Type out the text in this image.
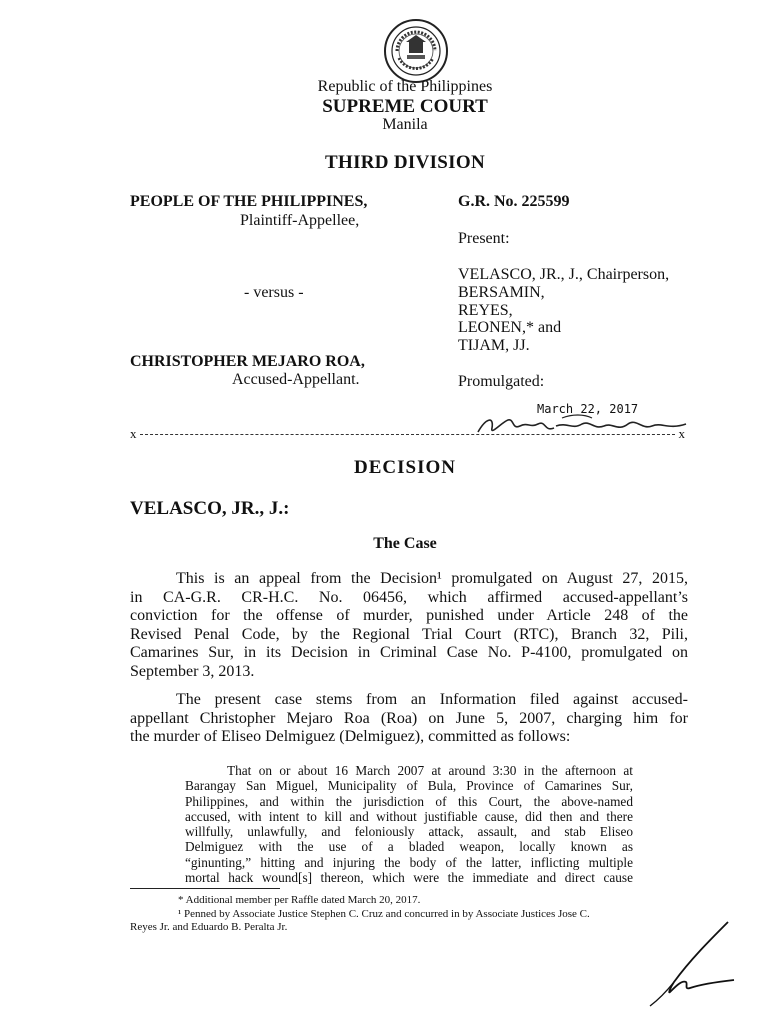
Republic of the Philippines
SUPREME COURT
Manila
THIRD DIVISION
PEOPLE OF THE PHILIPPINES,
Plaintiff-Appellee,
- versus -
CHRISTOPHER MEJARO ROA,
Accused-Appellant.
G.R. No. 225599
Present:
VELASCO, JR., J., Chairperson,
BERSAMIN,
REYES,
LEONEN,* and
TIJAM, JJ.
Promulgated:
March 22, 2017
x	x
DECISION
VELASCO, JR., J.:
The Case
This is an appeal from the Decision¹ promulgated on August 27, 2015,
in CA-G.R. CR-H.C. No. 06456, which affirmed accused-appellant’s
conviction for the offense of murder, punished under Article 248 of the
Revised Penal Code, by the Regional Trial Court (RTC), Branch 32, Pili,
Camarines Sur, in its Decision in Criminal Case No. P-4100, promulgated on
September 3, 2013.
The present case stems from an Information filed against accused-
appellant Christopher Mejaro Roa (Roa) on June 5, 2007, charging him for
the murder of Eliseo Delmiguez (Delmiguez), committed as follows:
That on or about 16 March 2007 at around 3:30 in the afternoon at
Barangay San Miguel, Municipality of Bula, Province of Camarines Sur,
Philippines, and within the jurisdiction of this Court, the above-named
accused, with intent to kill and without justifiable cause, did then and there
willfully, unlawfully, and feloniously attack, assault, and stab Eliseo
Delmiguez with the use of a bladed weapon, locally known as
“ginunting,” hitting and injuring the body of the latter, inflicting multiple
mortal hack wound[s] thereon, which were the immediate and direct cause
* Additional member per Raffle dated March 20, 2017.
¹ Penned by Associate Justice Stephen C. Cruz and concurred in by Associate Justices Jose C.
Reyes Jr. and Eduardo B. Peralta Jr.
